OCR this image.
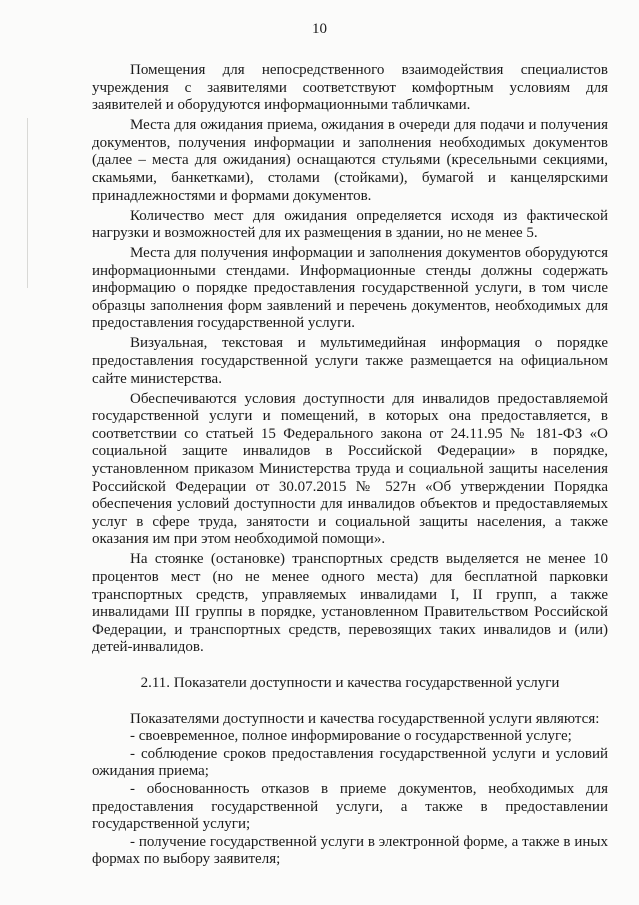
10

Помещения для непосредственного взаимодействия специалистов учреждения с заявителями соответствуют комфортным условиям для заявителей и оборудуются информационными табличками.

Места для ожидания приема, ожидания в очереди для подачи и получения документов, получения информации и заполнения необходимых документов (далее – места для ожидания) оснащаются стульями (кресельными секциями, скамьями, банкетками), столами (стойками), бумагой и канцелярскими принадлежностями и формами документов.

Количество мест для ожидания определяется исходя из фактической нагрузки и возможностей для их размещения в здании, но не менее 5.

Места для получения информации и заполнения документов оборудуются информационными стендами. Информационные стенды должны содержать информацию о порядке предоставления государственной услуги, в том числе образцы заполнения форм заявлений и перечень документов, необходимых для предоставления государственной услуги.

Визуальная, текстовая и мультимедийная информация о порядке предоставления государственной услуги также размещается на официальном сайте министерства.

Обеспечиваются условия доступности для инвалидов предоставляемой государственной услуги и помещений, в которых она предоставляется, в соответствии со статьей 15 Федерального закона от 24.11.95 № 181-ФЗ «О социальной защите инвалидов в Российской Федерации» в порядке, установленном приказом Министерства труда и социальной защиты населения Российской Федерации от 30.07.2015 № 527н «Об утверждении Порядка обеспечения условий доступности для инвалидов объектов и предоставляемых услуг в сфере труда, занятости и социальной защиты населения, а также оказания им при этом необходимой помощи».

На стоянке (остановке) транспортных средств выделяется не менее 10 процентов мест (но не менее одного места) для бесплатной парковки транспортных средств, управляемых инвалидами I, II групп, а также инвалидами III группы в порядке, установленном Правительством Российской Федерации, и транспортных средств, перевозящих таких инвалидов и (или) детей-инвалидов.

2.11. Показатели доступности и качества государственной услуги

Показателями доступности и качества государственной услуги являются:

- своевременное, полное информирование о государственной услуге;

- соблюдение сроков предоставления государственной услуги и условий ожидания приема;

- обоснованность отказов в приеме документов, необходимых для предоставления государственной услуги, а также в предоставлении государственной услуги;

- получение государственной услуги в электронной форме, а также в иных формах по выбору заявителя;
